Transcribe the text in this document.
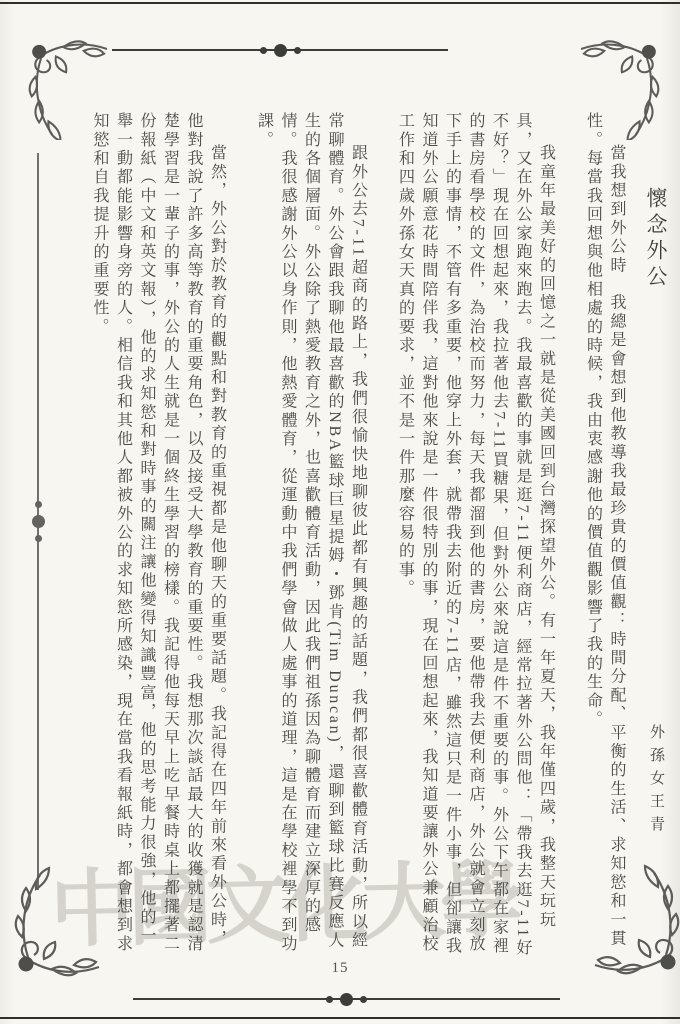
中國文化大學
懷念外公
外孫女王青

當我想到外公時　我總是會想到他教導我最珍貴的價值觀：時間分配、平衡的生活、求知慾和一貫性。每當我回想與他相處的時候，我由衷感謝他的價值觀影響了我的生命。

我童年最美好的回憶之一就是從美國回到台灣探望外公。有一年夏天，我年僅四歲，我整天玩玩具，又在外公家跑來跑去。我最喜歡的事就是逛7-11便利商店，經常拉著外公問他：「帶我去逛7-11好不好？」現在回想起來，我拉著他去7-11買糖果，但對外公來說這是件不重要的事。外公下午都在家裡的書房看學校的文件，為治校而努力，每天我都溜到他的書房，要他帶我去便利商店，外公就會立刻放下手上的事情，不管有多重要，他穿上外套，就帶我去附近的7-11店，雖然這只是一件小事，但卻讓我知道外公願意花時間陪伴我，這對他來說是一件很特別的事，現在回想起來，我知道要讓外公兼顧治校工作和四歲外孫女天真的要求，並不是一件那麼容易的事。

跟外公去7-11超商的路上，我們很愉快地聊彼此都有興趣的話題，我們都很喜歡體育活動，所以經常聊體育。外公會跟我聊他最喜歡的NBA籃球巨星提姆・鄧肯(Tim Duncan)，還聊到籃球比賽反應人生的各個層面。外公除了熱愛教育之外，也喜歡體育活動，因此我們祖孫因為聊體育而建立深厚的感情。我很感謝外公以身作則，他熱愛體育，從運動中我們學會做人處事的道理，這是在學校裡學不到功課。

當然，外公對於教育的觀點和對教育的重視都是他聊天的重要話題。我記得在四年前來看外公時，他對我說了許多高等教育的重要角色，以及接受大學教育的重要性。我想那次談話最大的收獲就是認清楚學習是一輩子的事，外公的人生就是一個終生學習的榜樣。我記得他每天早上吃早餐時桌上都擺著二份報紙（中文和英文報），他的求知慾和對時事的關注讓他變得知識豐富，他的思考能力很強，他的一舉一動都能影響身旁的人。相信我和其他人都被外公的求知慾所感染，現在當我看報紙時，都會想到求知慾和自我提升的重要性。

15
